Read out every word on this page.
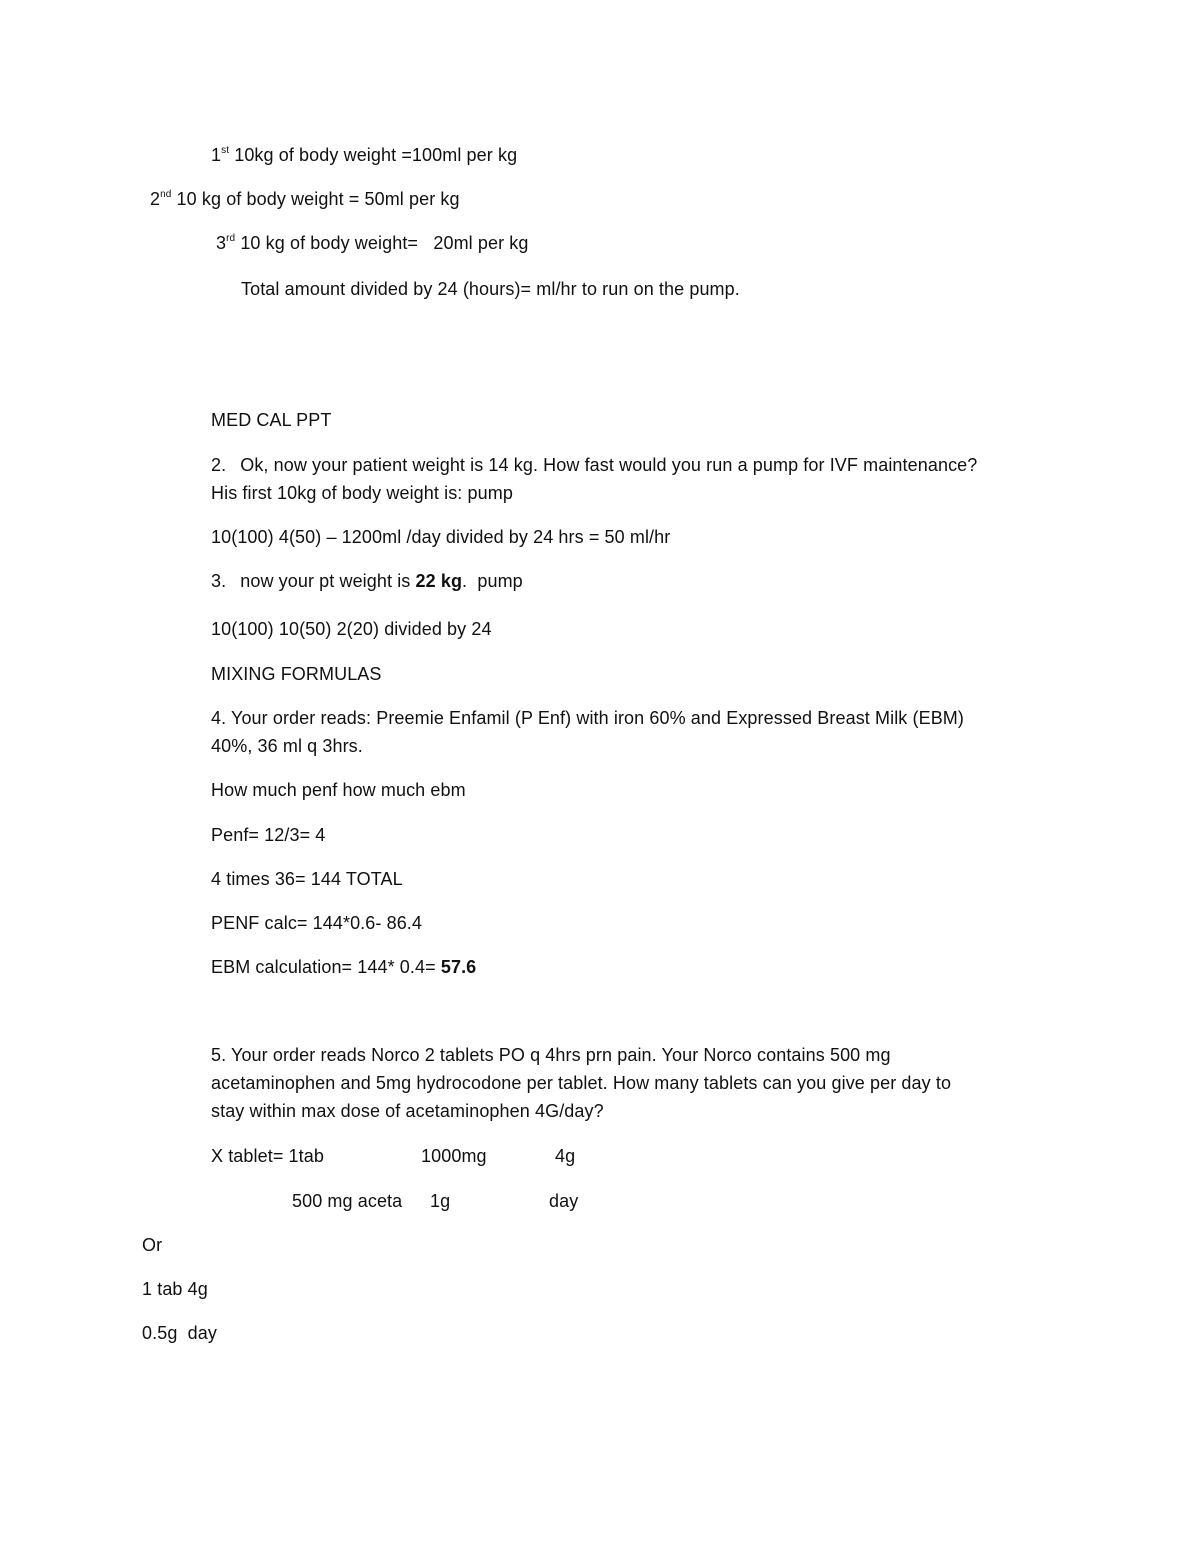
1st 10kg of body weight =100ml per kg
2nd 10 kg of body weight = 50ml per kg
3rd 10 kg of body weight=   20ml per kg
Total amount divided by 24 (hours)= ml/hr to run on the pump.
MED CAL PPT
2. Ok, now your patient weight is 14 kg. How fast would you run a pump for IVF maintenance?
His first 10kg of body weight is: pump
10(100) 4(50) – 1200ml /day divided by 24 hrs = 50 ml/hr
3. now your pt weight is 22 kg.  pump
10(100) 10(50) 2(20) divided by 24
MIXING FORMULAS
4. Your order reads: Preemie Enfamil (P Enf) with iron 60% and Expressed Breast Milk (EBM)
40%, 36 ml q 3hrs.
How much penf how much ebm
Penf= 12/3= 4
4 times 36= 144 TOTAL
PENF calc= 144*0.6- 86.4
EBM calculation= 144* 0.4= 57.6
5. Your order reads Norco 2 tablets PO q 4hrs prn pain. Your Norco contains 500 mg
acetaminophen and 5mg hydrocodone per tablet. How many tablets can you give per day to
stay within max dose of acetaminophen 4G/day?
X tablet= 1tab	1000mg	4g
500 mg aceta 1g	day
Or
1 tab 4g
0.5g  day
